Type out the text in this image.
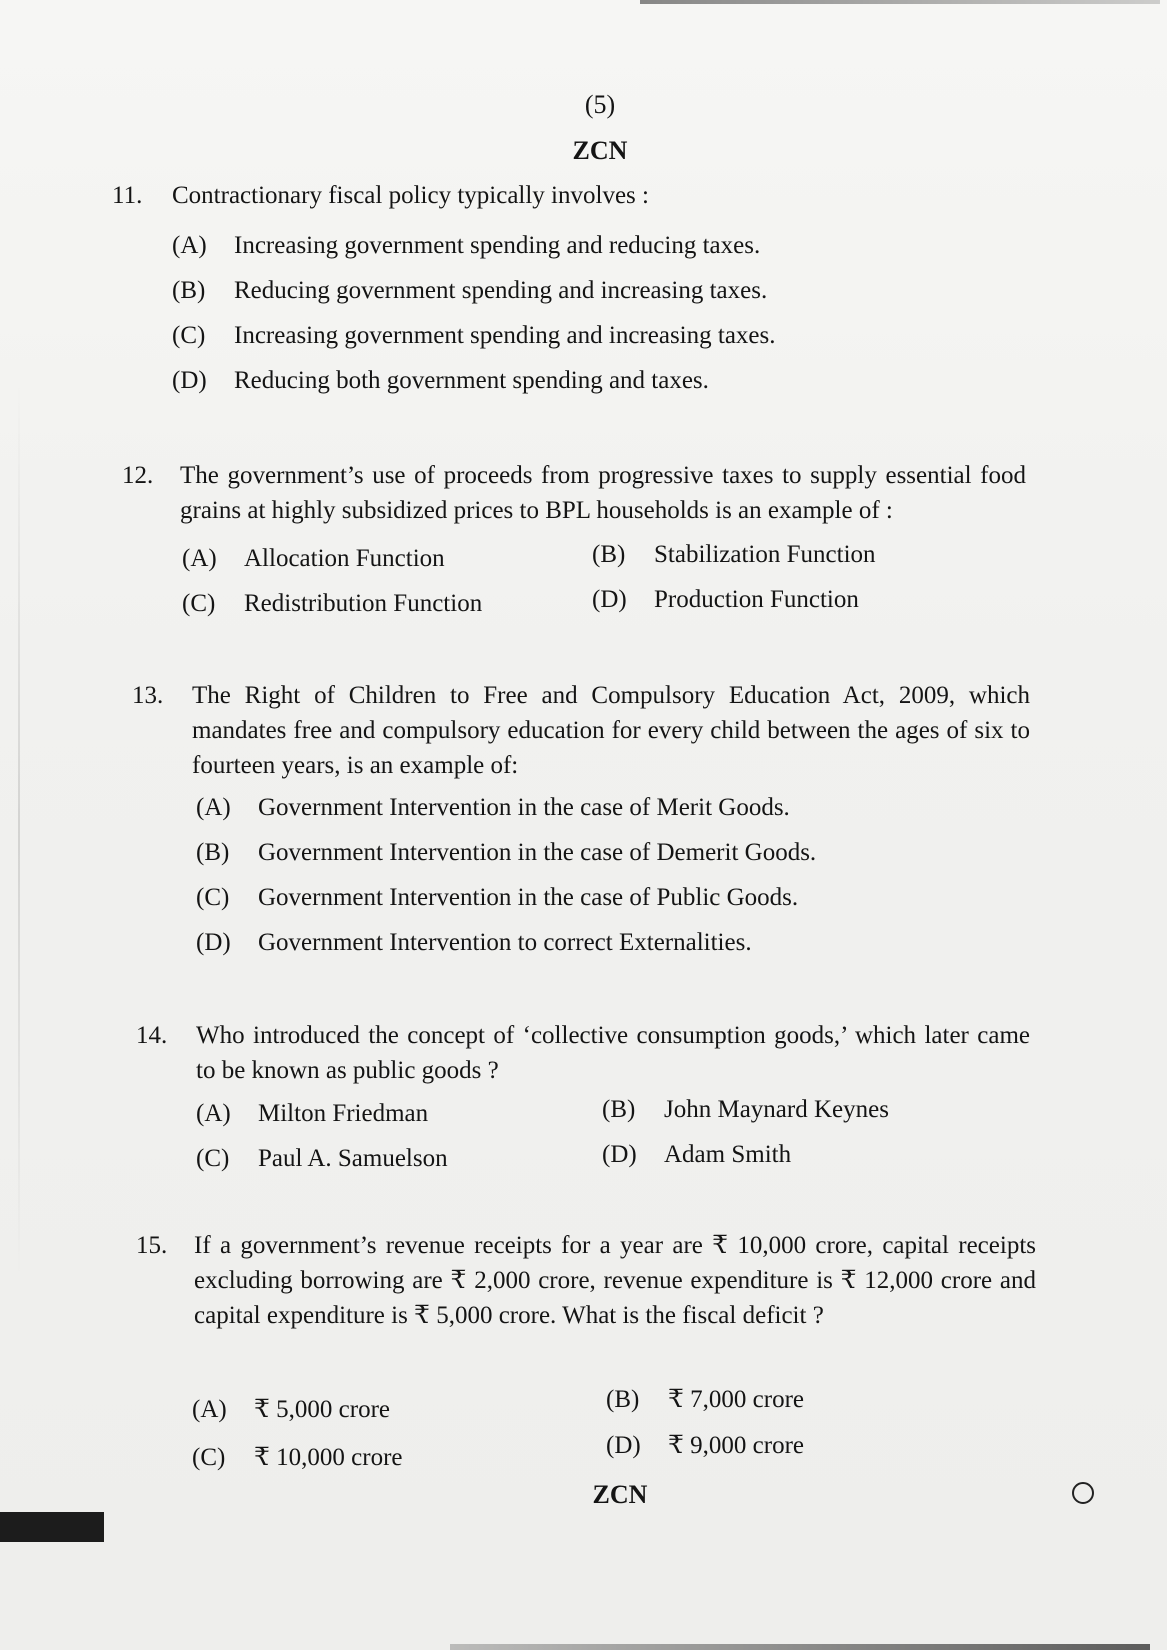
(5)
ZCN
11. Contractionary fiscal policy typically involves :
(A) Increasing government spending and reducing taxes.
(B) Reducing government spending and increasing taxes.
(C) Increasing government spending and increasing taxes.
(D) Reducing both government spending and taxes.
12. The government’s use of proceeds from progressive taxes to supply essential food grains at highly subsidized prices to BPL households is an example of :
(A) Allocation Function	(B) Stabilization Function
(C) Redistribution Function	(D) Production Function
13. The Right of Children to Free and Compulsory Education Act, 2009, which mandates free and compulsory education for every child between the ages of six to fourteen years, is an example of:
(A) Government Intervention in the case of Merit Goods.
(B) Government Intervention in the case of Demerit Goods.
(C) Government Intervention in the case of Public Goods.
(D) Government Intervention to correct Externalities.
14. Who introduced the concept of ‘collective consumption goods,’ which later came to be known as public goods ?
(A) Milton Friedman	(B) John Maynard Keynes
(C) Paul A. Samuelson	(D) Adam Smith
15. If a government’s revenue receipts for a year are ₹ 10,000 crore, capital receipts excluding borrowing are ₹ 2,000 crore, revenue expenditure is ₹ 12,000 crore and capital expenditure is ₹ 5,000 crore. What is the fiscal deficit ?
(A) ₹ 5,000 crore	(B) ₹ 7,000 crore
(C) ₹ 10,000 crore	(D) ₹ 9,000 crore
ZCN
